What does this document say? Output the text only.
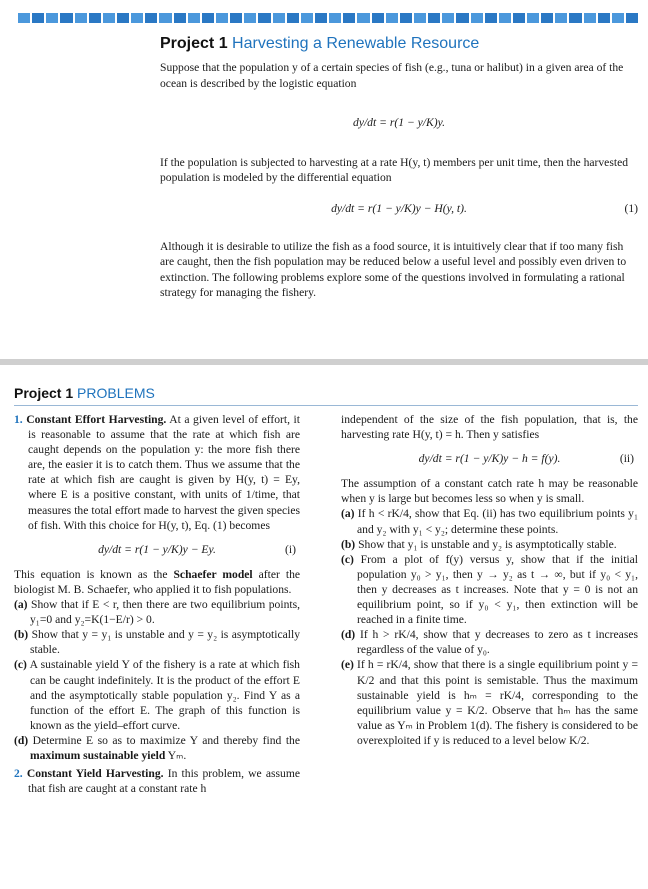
Project 1 Harvesting a Renewable Resource

Suppose that the population y of a certain species of fish (e.g., tuna or halibut) in a given area of the ocean is described by the logistic equation

dy/dt = r(1 − y/K)y.

If the population is subjected to harvesting at a rate H(y, t) members per unit time, then the harvested population is modeled by the differential equation

dy/dt = r(1 − y/K)y − H(y, t).	(1)

Although it is desirable to utilize the fish as a food source, it is intuitively clear that if too many fish are caught, then the fish population may be reduced below a useful level and possibly even driven to extinction. The following problems explore some of the questions involved in formulating a rational strategy for managing the fishery.

Project 1 PROBLEMS

1. Constant Effort Harvesting. At a given level of effort, it is reasonable to assume that the rate at which fish are caught depends on the population y: the more fish there are, the easier it is to catch them. Thus we assume that the rate at which fish are caught is given by H(y, t) = Ey, where E is a positive constant, with units of 1/time, that measures the total effort made to harvest the given species of fish. With this choice for H(y, t), Eq. (1) becomes

dy/dt = r(1 − y/K)y − Ey.	(i)

This equation is known as the Schaefer model after the biologist M. B. Schaefer, who applied it to fish populations.

(a) Show that if E < r, then there are two equilibrium points, y₁=0 and y₂=K(1−E/r) > 0.

(b) Show that y = y₁ is unstable and y = y₂ is asymptotically stable.

(c) A sustainable yield Y of the fishery is a rate at which fish can be caught indefinitely. It is the product of the effort E and the asymptotically stable population y₂. Find Y as a function of the effort E. The graph of this function is known as the yield–effort curve.

(d) Determine E so as to maximize Y and thereby find the maximum sustainable yield Yₘ.

2. Constant Yield Harvesting. In this problem, we assume that fish are caught at a constant rate h

independent of the size of the fish population, that is, the harvesting rate H(y, t) = h. Then y satisfies

dy/dt = r(1 − y/K)y − h = f(y).	(ii)

The assumption of a constant catch rate h may be reasonable when y is large but becomes less so when y is small.

(a) If h < rK/4, show that Eq. (ii) has two equilibrium points y₁ and y₂ with y₁ < y₂; determine these points.

(b) Show that y₁ is unstable and y₂ is asymptotically stable.

(c) From a plot of f(y) versus y, show that if the initial population y₀ > y₁, then y → y₂ as t → ∞, but if y₀ < y₁, then y decreases as t increases. Note that y = 0 is not an equilibrium point, so if y₀ < y₁, then extinction will be reached in a finite time.

(d) If h > rK/4, show that y decreases to zero as t increases regardless of the value of y₀.

(e) If h = rK/4, show that there is a single equilibrium point y = K/2 and that this point is semistable. Thus the maximum sustainable yield is hₘ = rK/4, corresponding to the equilibrium value y = K/2. Observe that hₘ has the same value as Yₘ in Problem 1(d). The fishery is considered to be overexploited if y is reduced to a level below K/2.
